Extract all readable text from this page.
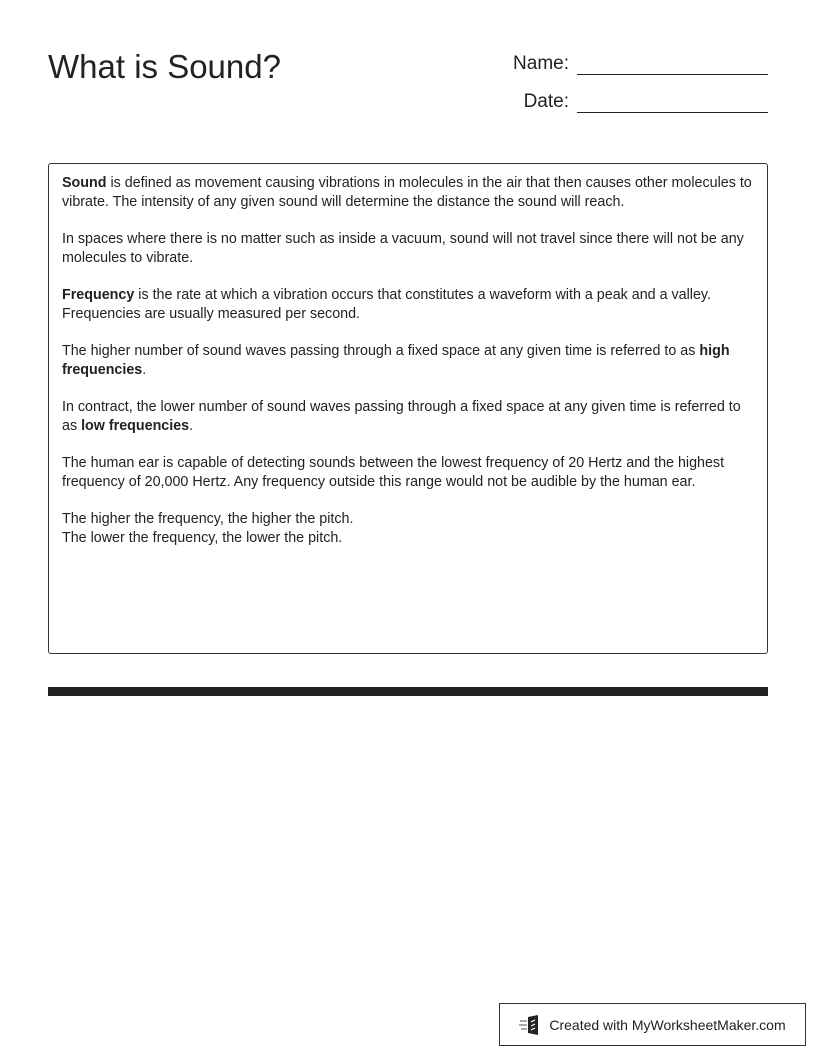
What is Sound?	Name:
Date:

Sound is defined as movement causing vibrations in molecules in the air that then causes other molecules to vibrate. The intensity of any given sound will determine the distance the sound will reach.

In spaces where there is no matter such as inside a vacuum, sound will not travel since there will not be any molecules to vibrate.

Frequency is the rate at which a vibration occurs that constitutes a waveform with a peak and a valley. Frequencies are usually measured per second.

The higher number of sound waves passing through a fixed space at any given time is referred to as high frequencies.

In contract, the lower number of sound waves passing through a fixed space at any given time is referred to as low frequencies.

The human ear is capable of detecting sounds between the lowest frequency of 20 Hertz and the highest frequency of 20,000 Hertz. Any frequency outside this range would not be audible by the human ear.

The higher the frequency, the higher the pitch.
The lower the frequency, the lower the pitch.

Created with MyWorksheetMaker.com
